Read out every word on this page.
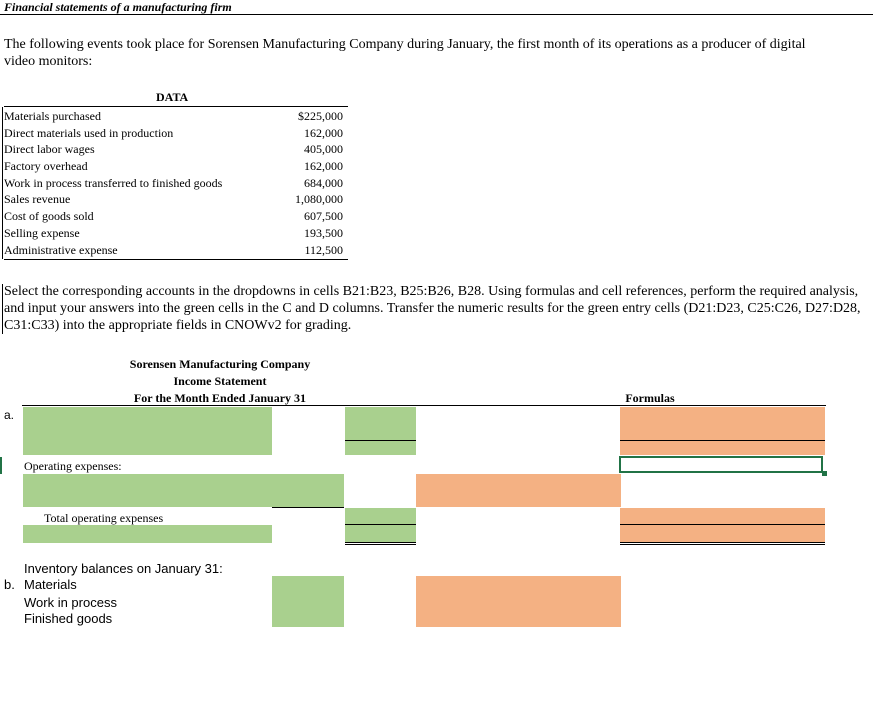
Financial statements of a manufacturing firm
The following events took place for Sorensen Manufacturing Company during January, the first month of its operations as a producer of digital video monitors:
DATA
Materials purchased	$225,000
Direct materials used in production	162,000
Direct labor wages	405,000
Factory overhead	162,000
Work in process transferred to finished goods	684,000
Sales revenue	1,080,000
Cost of goods sold	607,500
Selling expense	193,500
Administrative expense	112,500
Select the corresponding accounts in the dropdowns in cells B21:B23, B25:B26, B28. Using formulas and cell references, perform the required analysis, and input your answers into the green cells in the C and D columns. Transfer the numeric results for the green entry cells (D21:D23, C25:C26, D27:D28, C31:C33) into the appropriate fields in CNOWv2 for grading.
Sorensen Manufacturing Company
Income Statement
For the Month Ended January 31	Formulas
a.
Operating expenses:
Total operating expenses
Inventory balances on January 31:
b. Materials
Work in process
Finished goods
